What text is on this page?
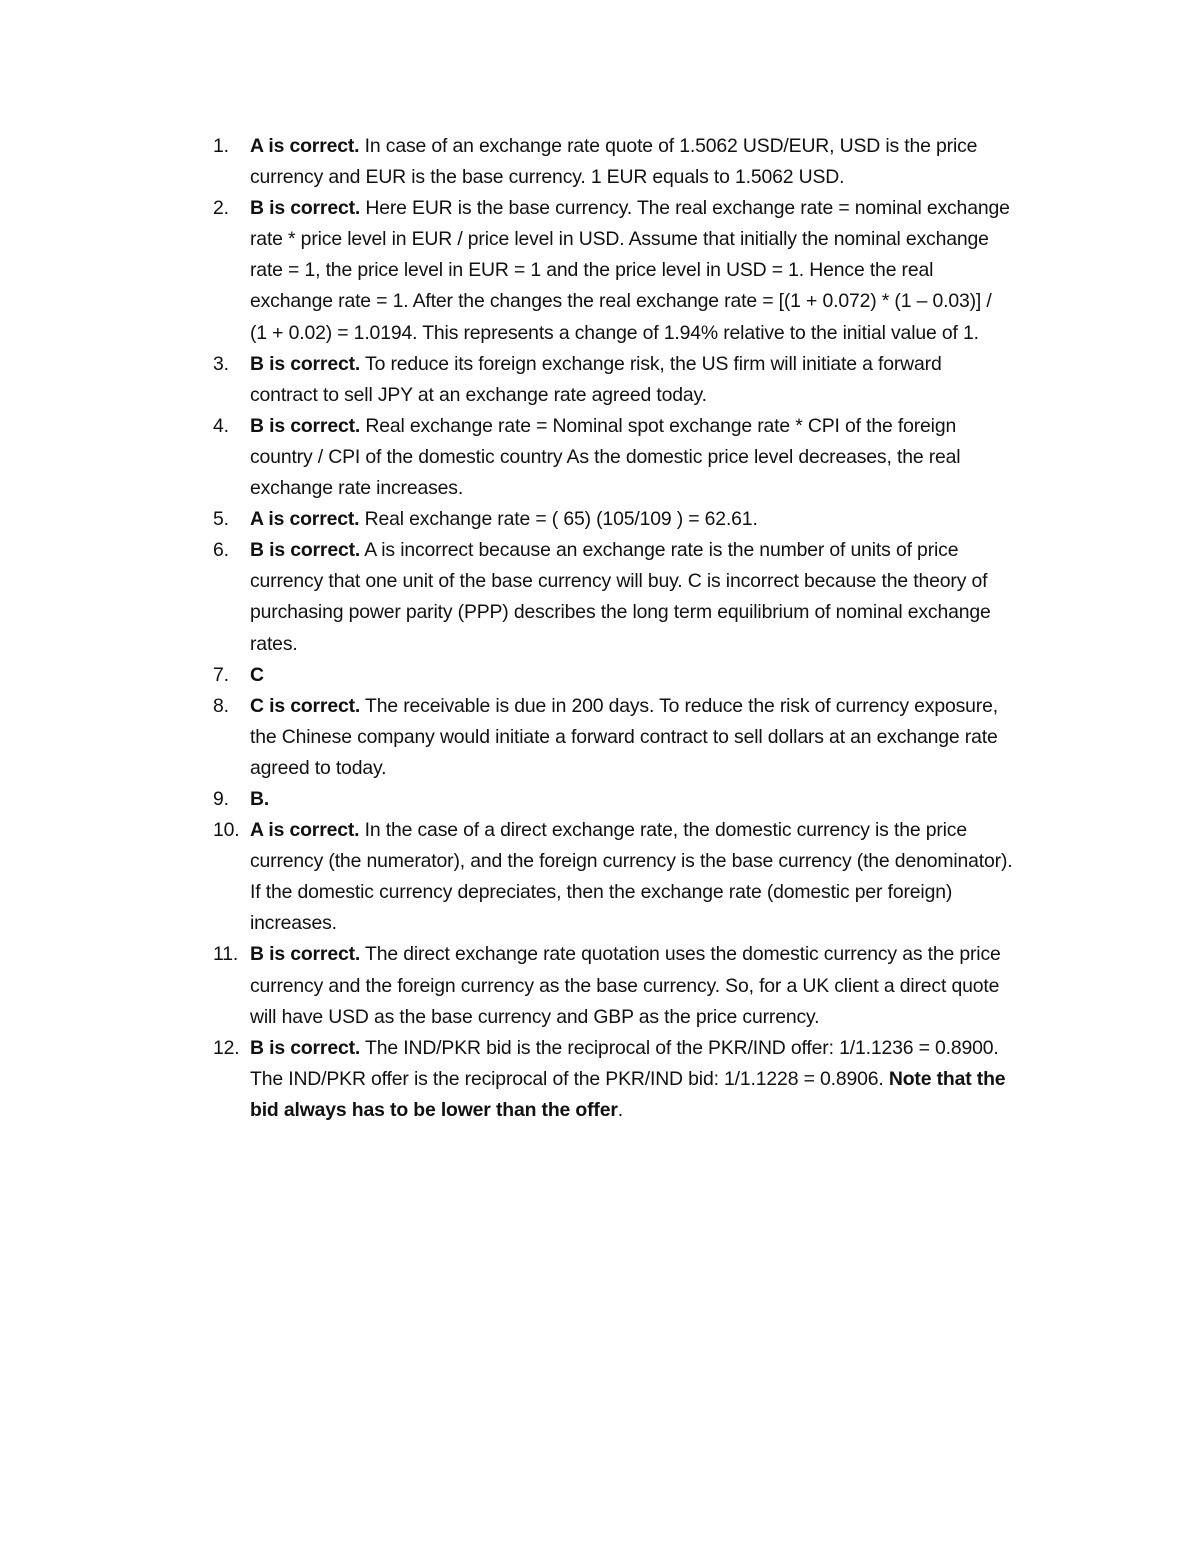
1. A is correct. In case of an exchange rate quote of 1.5062 USD/EUR, USD is the price currency and EUR is the base currency. 1 EUR equals to 1.5062 USD.
2. B is correct. Here EUR is the base currency. The real exchange rate = nominal exchange rate * price level in EUR / price level in USD. Assume that initially the nominal exchange rate = 1, the price level in EUR = 1 and the price level in USD = 1. Hence the real exchange rate = 1. After the changes the real exchange rate = [(1 + 0.072) * (1 – 0.03)] / (1 + 0.02) = 1.0194. This represents a change of 1.94% relative to the initial value of 1.
3. B is correct. To reduce its foreign exchange risk, the US firm will initiate a forward contract to sell JPY at an exchange rate agreed today.
4. B is correct. Real exchange rate = Nominal spot exchange rate * CPI of the foreign country / CPI of the domestic country As the domestic price level decreases, the real exchange rate increases.
5. A is correct. Real exchange rate = ( 65) (105/109 ) = 62.61.
6. B is correct. A is incorrect because an exchange rate is the number of units of price currency that one unit of the base currency will buy. C is incorrect because the theory of purchasing power parity (PPP) describes the long term equilibrium of nominal exchange rates.
7. C
8. C is correct. The receivable is due in 200 days. To reduce the risk of currency exposure, the Chinese company would initiate a forward contract to sell dollars at an exchange rate agreed to today.
9. B.
10. A is correct. In the case of a direct exchange rate, the domestic currency is the price currency (the numerator), and the foreign currency is the base currency (the denominator). If the domestic currency depreciates, then the exchange rate (domestic per foreign) increases.
11. B is correct. The direct exchange rate quotation uses the domestic currency as the price currency and the foreign currency as the base currency. So, for a UK client a direct quote will have USD as the base currency and GBP as the price currency.
12. B is correct. The IND/PKR bid is the reciprocal of the PKR/IND offer: 1/1.1236 = 0.8900. The IND/PKR offer is the reciprocal of the PKR/IND bid: 1/1.1228 = 0.8906. Note that the bid always has to be lower than the offer.
